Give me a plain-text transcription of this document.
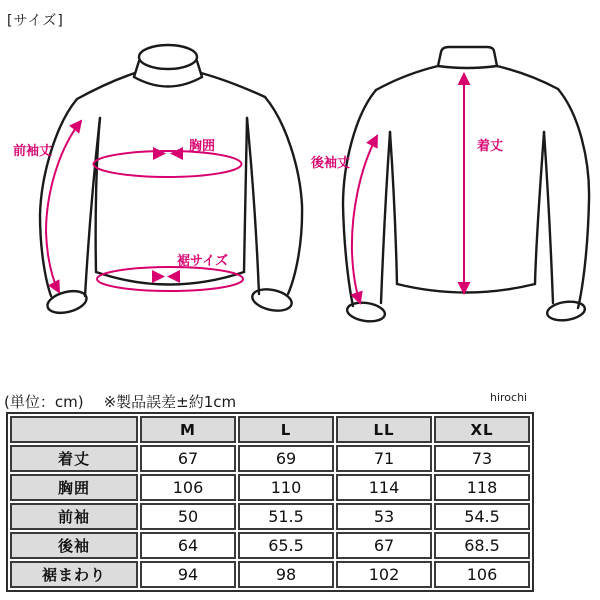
[サイズ]
前袖丈	胸囲
裾サイズ
後袖丈
着丈
(単位：cm) ※製品誤差±約1cm	hirochi
	M	L	LL	XL
着丈	67	69	71	73
胸囲	106	110	114	118
前袖	50	51.5	53	54.5
後袖	64	65.5	67	68.5
裾まわり	94	98	102	106
